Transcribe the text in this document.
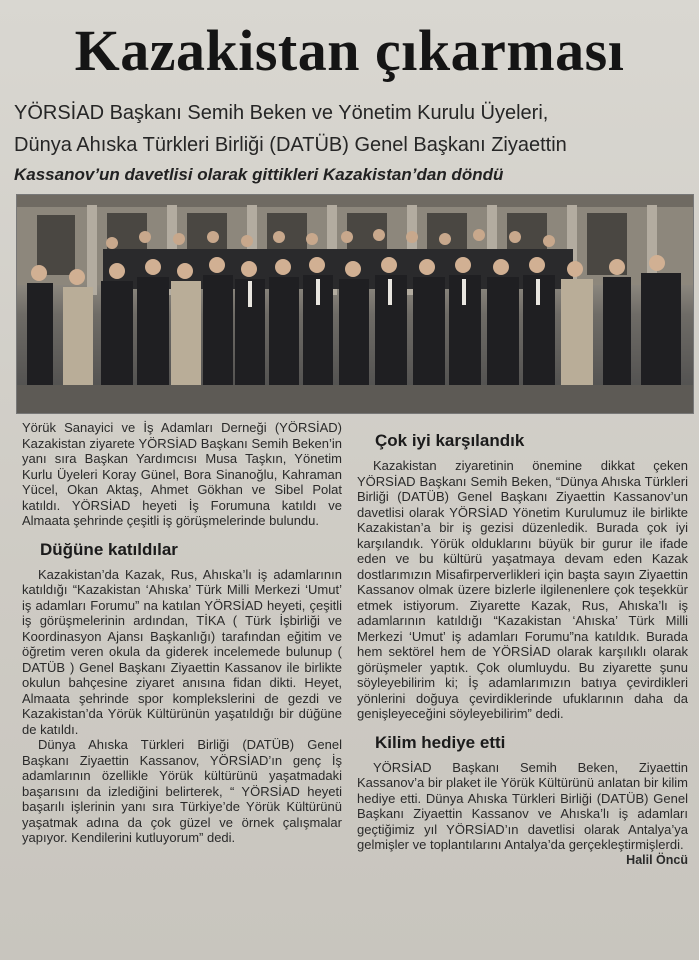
Kazakistan çıkarması

YÖRSİAD Başkanı Semih Beken ve Yönetim Kurulu Üyeleri,

Dünya Ahıska Türkleri Birliği (DATÜB) Genel Başkanı Ziyaettin

Kassanov’un davetlisi olarak gittikleri Kazakistan’dan döndü

Yörük Sanayici ve İş Adamları Derneği (YÖRSİAD) Kazakistan ziyarete YÖRSİAD Başkanı Semih Beken’in yanı sıra Başkan Yardımcısı Musa Taşkın, Yönetim Kurlu Üyeleri Koray Günel, Bora Sinanoğlu, Kahraman Yücel, Okan Aktaş, Ahmet Gökhan ve Sibel Polat katıldı. YÖRSİAD heyeti İş Forumuna katıldı ve Almaata şehrinde çeşitli iş görüşmelerinde bulundu.

Düğüne katıldılar

Kazakistan’da Kazak, Rus, Ahıska’lı iş adamlarının katıldığı “Kazakistan ‘Ahıska’ Türk Milli Merkezi ‘Umut’ iş adamları Forumu” na katılan YÖRSİAD heyeti, çeşitli iş görüşmelerinin ardından, TİKA ( Türk İşbirliği ve Koordinasyon Ajansı Başkanlığı) tarafından eğitim ve öğretim veren okula da giderek incelemede bulunup ( DATÜB ) Genel Başkanı Ziyaettin Kassanov ile birlikte okulun bahçesine ziyaret anısına fidan dikti. Heyet, Almaata şehrinde spor komplekslerini de gezdi ve Kazakistan’da Yörük Kültürünün yaşatıldığı bir düğüne de katıldı.

Dünya Ahıska Türkleri Birliği (DATÜB) Genel Başkanı Ziyaettin Kassanov, YÖRSİAD’ın genç İş adamlarının özellikle Yörük kültürünü yaşatmadaki başarısını da izlediğini belirterek, “ YÖRSİAD heyeti başarılı işlerinin yanı sıra Türkiye’de Yörük Kültürünü yaşatmak adına da çok güzel ve örnek çalışmalar yapıyor. Kendilerini kutluyorum” dedi.

Çok iyi karşılandık

Kazakistan ziyaretinin önemine dikkat çeken YÖRSİAD Başkanı Semih Beken, “Dünya Ahıska Türkleri Birliği (DATÜB) Genel Başkanı Ziyaettin Kassanov’un davetlisi olarak YÖRSİAD Yönetim Kurulumuz ile birlikte Kazakistan’a bir iş gezisi düzenledik. Burada çok iyi karşılandık. Yörük olduklarını büyük bir gurur ile ifade eden ve bu kültürü yaşatmaya devam eden Kazak dostlarımızın Misafirperverlikleri için başta sayın Ziyaettin Kassanov olmak üzere bizlerle ilgilenenlere çok teşekkür etmek istiyorum. Ziyarette Kazak, Rus, Ahıska’lı iş adamlarının katıldığı “Kazakistan ‘Ahıska’ Türk Milli Merkezi ‘Umut’ iş adamları Forumu”na katıldık. Burada hem sektörel hem de YÖRSİAD olarak karşılıklı olarak görüşmeler yaptık. Çok olumluydu. Bu ziyarette şunu söyleyebilirim ki; İş adamlarımızın batıya çevirdikleri yönlerini doğuya çevirdiklerinde ufuklarının daha da genişleyeceğini söyleyebilirim” dedi.

Kilim hediye etti

YÖRSİAD Başkanı Semih Beken, Ziyaettin Kassanov’a bir plaket ile Yörük Kültürünü anlatan bir kilim hediye etti. Dünya Ahıska Türkleri Birliği (DATÜB) Genel Başkanı Ziyaettin Kassanov ve Ahıska’lı iş adamları geçtiğimiz yıl YÖRSİAD’ın davetlisi olarak Antalya’ya gelmişler ve toplantılarını Antalya’da gerçekleştirmişlerdi.

Halil Öncü
